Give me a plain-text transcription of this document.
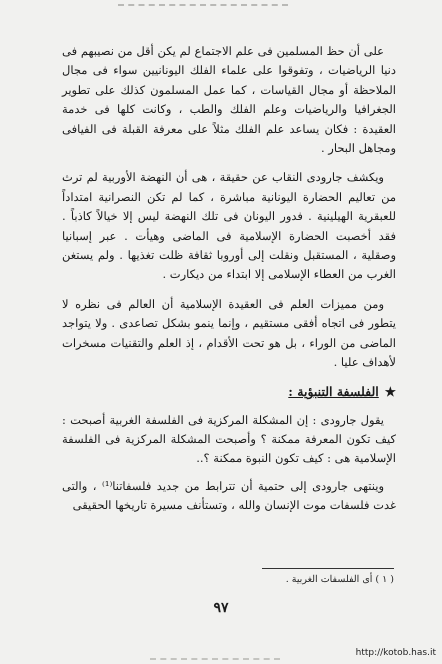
على أن حظ المسلمين فى علم الاجتماع لم يكن أقل من نصيبهم فى دنيا الرياضيات ، وتفوقوا على علماء الفلك اليونانيين سواء فى مجال الملاحظة أو مجال القياسات ، كما عمل المسلمون كذلك على تطوير الجغرافيا والرياضيات وعلم الفلك والطب ، وكانت كلها فى خدمة العقيدة : فكان يساعد علم الفلك مثلاً على معرفة القبلة فى الفيافى ومجاهل البحار .

ويكشف جارودى النقاب عن حقيقة ، هى أن النهضة الأوربية لم ترث من تعاليم الحضارة اليونانية مباشرة ، كما لم تكن النصرانية امتداداً للعبقرية الهيلينية . فدور اليونان فى تلك النهضة ليس إلا خيالاً كاذباً . فقد أخصبت الحضارة الإسلامية فى الماضى وهيأت . عبر إسبانيا وصقلية ، المستقبل ونقلت إلى أوروبا ثقافة ظلت تغذيها . ولم يستغن الغرب من العطاء الإسلامى إلا ابتداء من ديكارت .

ومن مميزات العلم فى العقيدة الإسلامية أن العالم فى نظره لا يتطور فى اتجاه أفقى مستقيم ، وإنما ينمو بشكل تصاعدى . ولا يتواجد الماضى من الوراء ، بل هو تحت الأقدام ، إذ العلم والتقنيات مسخرات لأهداف عليا .

★الفلسفة التنبؤية :

يقول جارودى : إن المشكلة المركزية فى الفلسفة الغربية أصبحت : كيف تكون المعرفة ممكنة ؟ وأصبحت المشكلة المركزية فى الفلسفة الإسلامية هى : كيف تكون النبوة ممكنة ؟..

وينتهى جارودى إلى حتمية أن تترابط من جديد فلسفاتنا⁽¹⁾ ، والتى غدت فلسفات موت الإنسان والله ، وتستأنف مسيرة تاريخها الحقيقى

( ١ ) أى الفلسفات الغربية .
٩٧
http://kotob.has.it
